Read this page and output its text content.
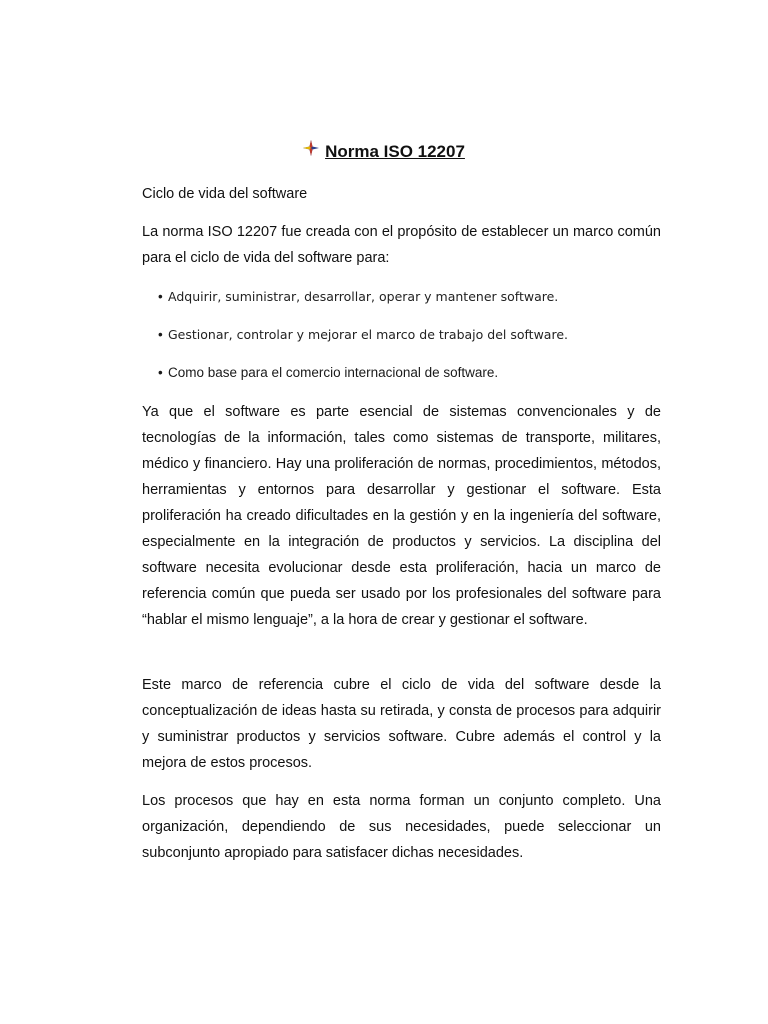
Norma ISO 12207
Ciclo de vida del software

La norma ISO 12207 fue creada con el propósito de establecer un marco común para el ciclo de vida del software para:

• Adquirir, suministrar, desarrollar, operar y mantener software.
• Gestionar, controlar y mejorar el marco de trabajo del software.
• Como base para el comercio internacional de software.

Ya que el software es parte esencial de sistemas convencionales y de tecnologías de la información, tales como sistemas de transporte, militares, médico y financiero. Hay una proliferación de normas, procedimientos, métodos, herramientas y entornos para desarrollar y gestionar el software. Esta proliferación ha creado dificultades en la gestión y en la ingeniería del software, especialmente en la integración de productos y servicios. La disciplina del software necesita evolucionar desde esta proliferación, hacia un marco de referencia común que pueda ser usado por los profesionales del software para “hablar el mismo lenguaje”, a la hora de crear y gestionar el software.

Este marco de referencia cubre el ciclo de vida del software desde la conceptualización de ideas hasta su retirada, y consta de procesos para adquirir y suministrar productos y servicios software. Cubre además el control y la mejora de estos procesos.

Los procesos que hay en esta norma forman un conjunto completo. Una organización, dependiendo de sus necesidades, puede seleccionar un subconjunto apropiado para satisfacer dichas necesidades.
